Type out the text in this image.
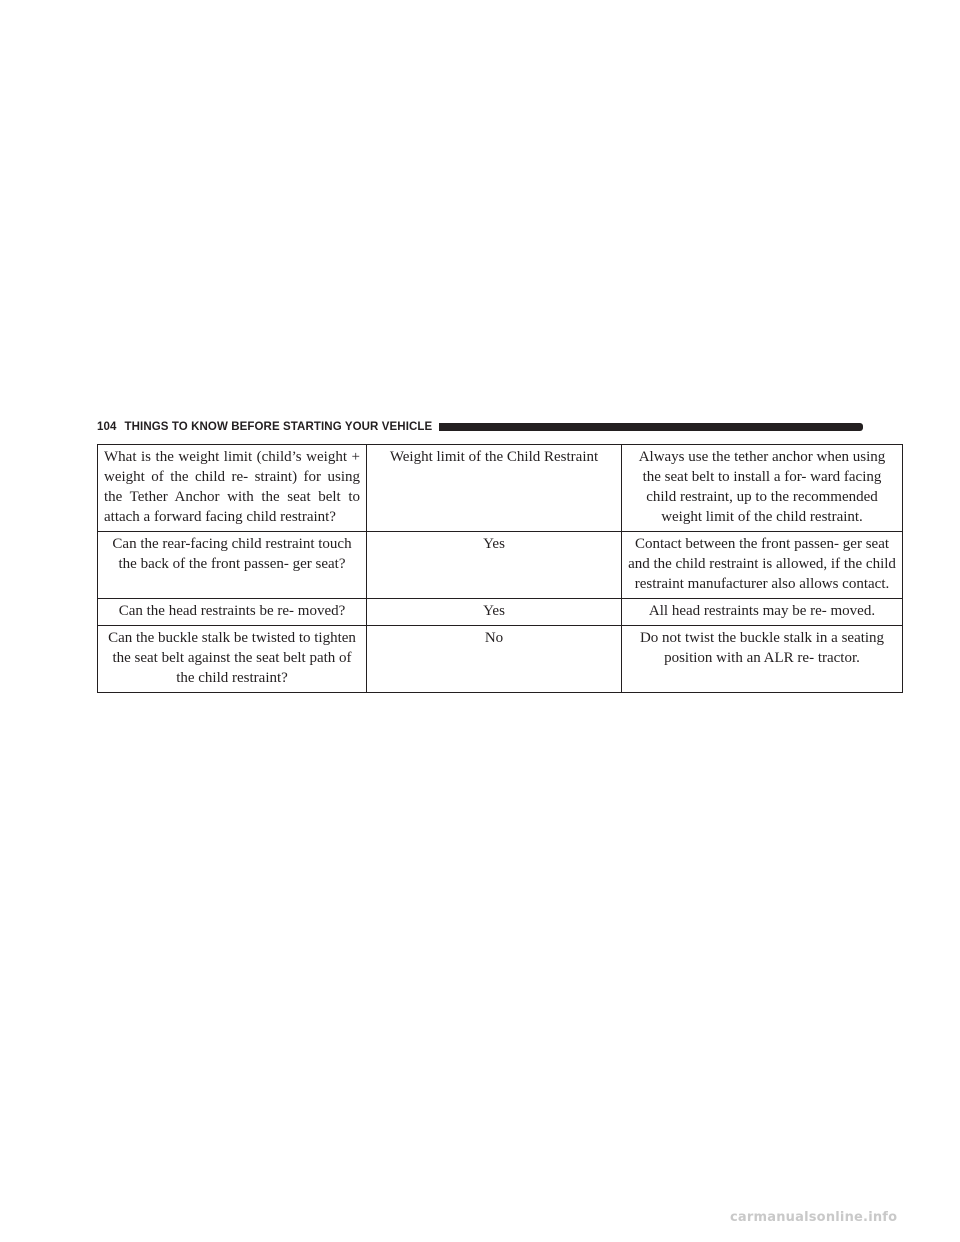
104 THINGS TO KNOW BEFORE STARTING YOUR VEHICLE
What is the weight limit (child’s weight + weight of the child re- straint) for using the Tether Anchor with the seat belt to attach a forward facing child restraint?	Weight limit of the Child Restraint	Always use the tether anchor when using the seat belt to install a for- ward facing child restraint, up to the recommended weight limit of the child restraint.
Can the rear-facing child restraint touch the back of the front passen- ger seat?	Yes	Contact between the front passen- ger seat and the child restraint is allowed, if the child restraint manufacturer also allows contact.
Can the head restraints be re- moved?	Yes	All head restraints may be re- moved.
Can the buckle stalk be twisted to tighten the seat belt against the seat belt path of the child restraint?	No	Do not twist the buckle stalk in a seating position with an ALR re- tractor.
carmanualsonline.info
